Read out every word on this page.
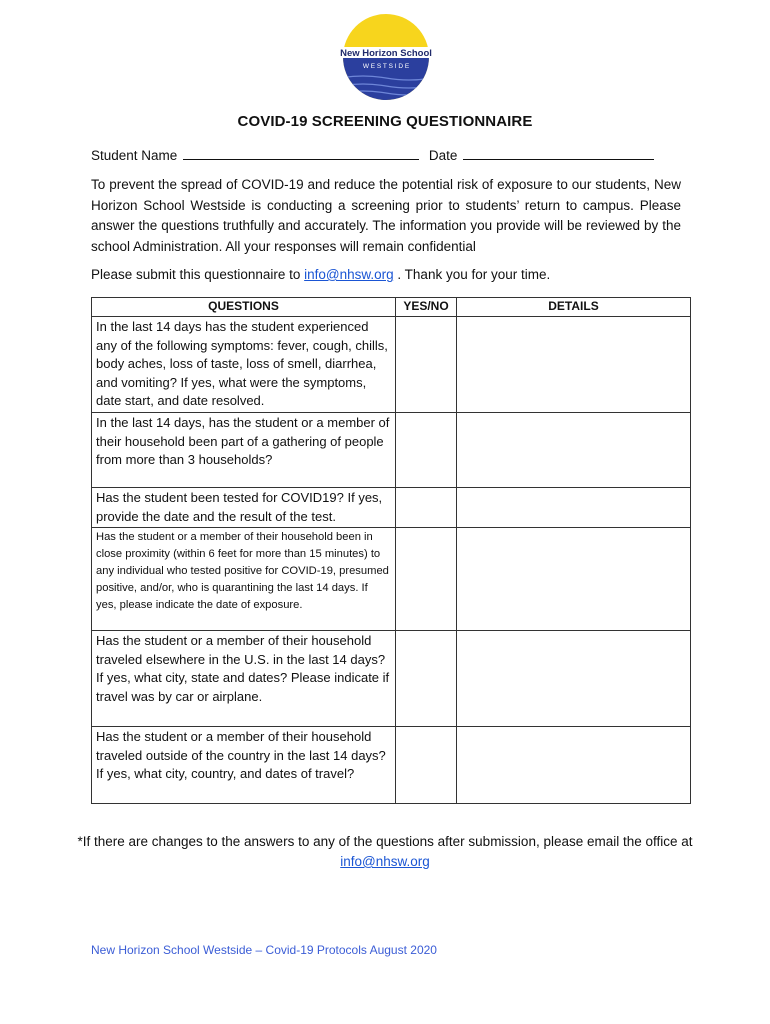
New Horizon School
W E S T S I D E
COVID-19 SCREENING QUESTIONNAIRE
Student Name	Date
To prevent the spread of COVID-19 and reduce the potential risk of exposure to our students, New Horizon School Westside is conducting a screening prior to students’ return to campus. Please answer the questions truthfully and accurately. The information you provide will be reviewed by the school Administration. All your responses will remain confidential
Please submit this questionnaire to info@nhsw.org . Thank you for your time.
QUESTIONS	YES/NO	DETAILS
In the last 14 days has the student experienced any of the following symptoms: fever, cough, chills, body aches, loss of taste, loss of smell, diarrhea, and vomiting? If yes, what were the symptoms, date start, and date resolved.		
In the last 14 days, has the student or a member of their household been part of a gathering of people from more than 3 households?		
Has the student been tested for COVID19? If yes, provide the date and the result of the test.		
Has the student or a member of their household been in close proximity (within 6 feet for more than 15 minutes) to any individual who tested positive for COVID-19, presumed positive, and/or, who is quarantining the last 14 days. If yes, please indicate the date of exposure.		
Has the student or a member of their household traveled elsewhere in the U.S. in the last 14 days? If yes, what city, state and dates? Please indicate if travel was by car or airplane.		
Has the student or a member of their household traveled outside of the country in the last 14 days? If yes, what city, country, and dates of travel?		
*If there are changes to the answers to any of the questions after submission, please email the office at info@nhsw.org
New Horizon School Westside – Covid-19 Protocols August 2020
